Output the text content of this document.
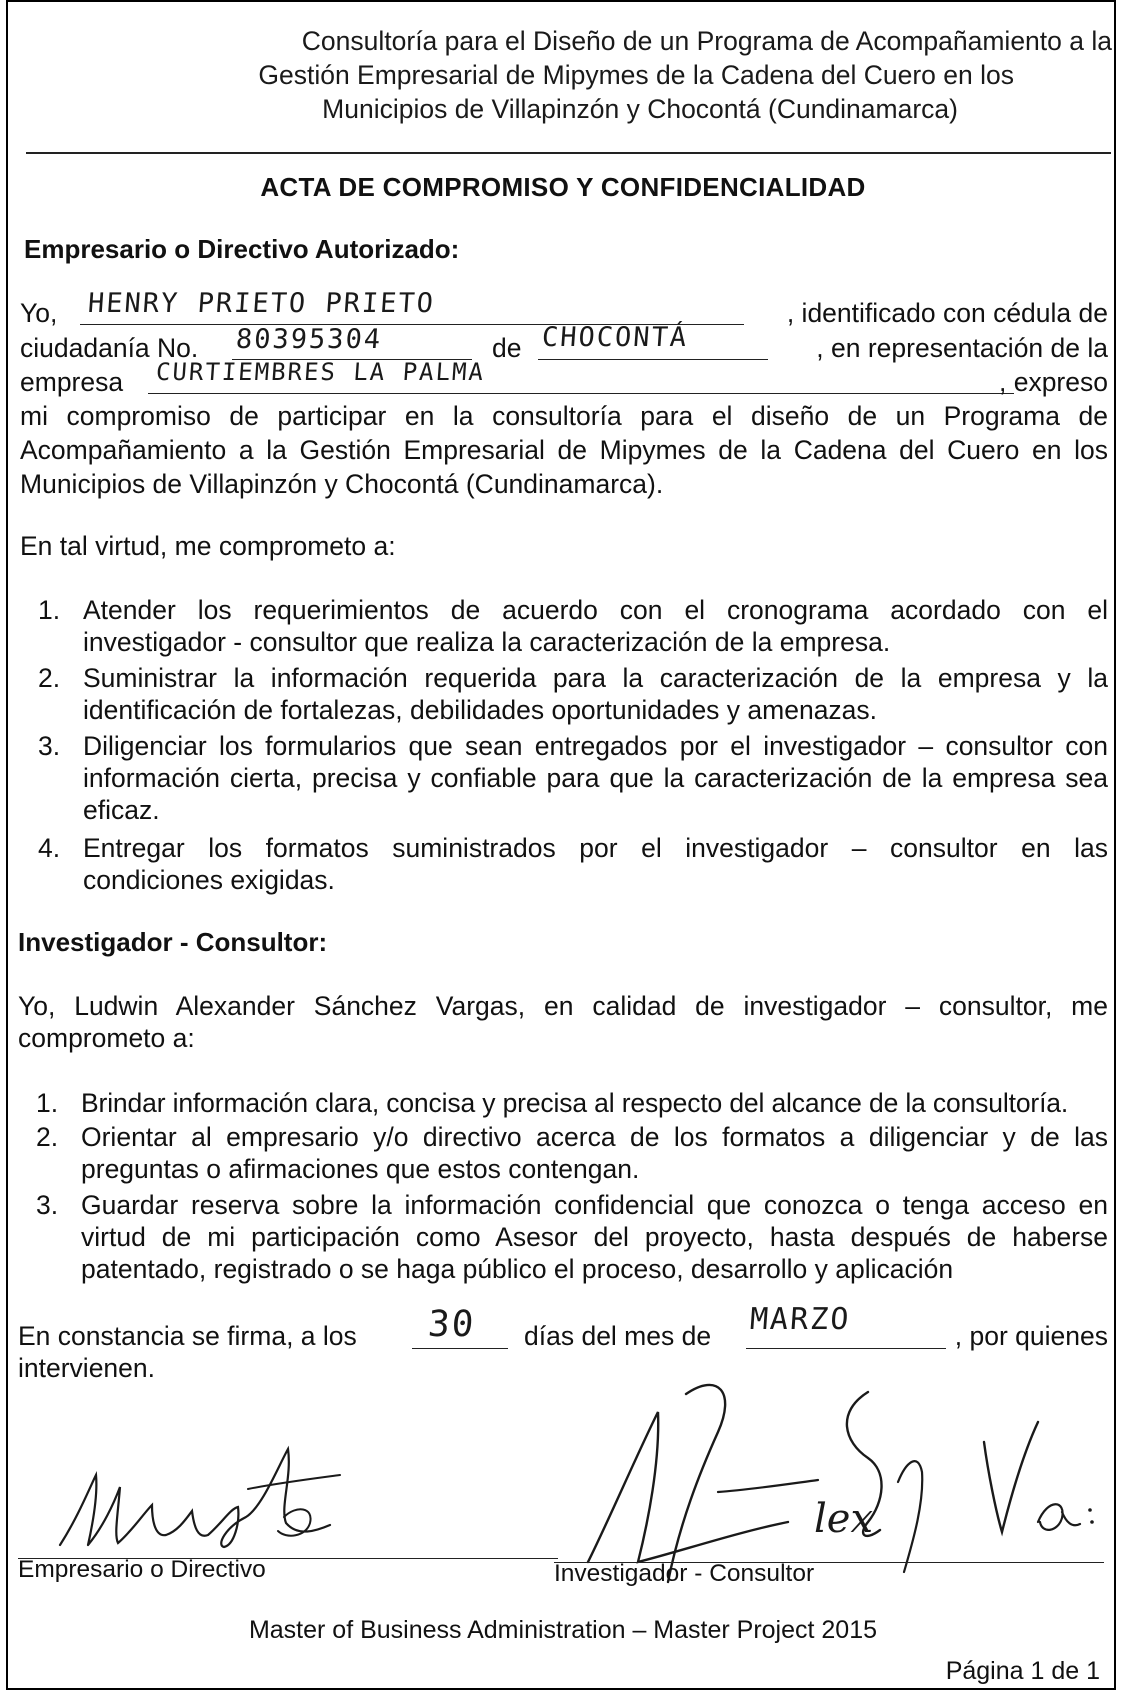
Consultoría para el Diseño de un Programa de Acompañamiento a la
Gestión Empresarial de Mipymes de la Cadena del Cuero en los
Municipios de Villapinzón y Chocontá (Cundinamarca)
ACTA DE COMPROMISO Y CONFIDENCIALIDAD
Empresario o Directivo Autorizado:
Yo, HENRY PRIETO PRIETO	, identificado con cédula de
ciudadanía No. 80395304	de CHOCONTÁ	, en representación de la
empresa CURTIEMBRES LA PALMA	, expreso
mi compromiso de participar en la consultoría para el diseño de un Programa de
Acompañamiento a la Gestión Empresarial de Mipymes de la Cadena del Cuero en los
Municipios de Villapinzón y Chocontá (Cundinamarca).
En tal virtud, me comprometo a:
1. Atender los requerimientos de acuerdo con el cronograma acordado con el
investigador - consultor que realiza la caracterización de la empresa.
2. Suministrar la información requerida para la caracterización de la empresa y la
identificación de fortalezas, debilidades oportunidades y amenazas.
3. Diligenciar los formularios que sean entregados por el investigador – consultor con
información cierta, precisa y confiable para que la caracterización de la empresa sea
eficaz.
4. Entregar los formatos suministrados por el investigador – consultor en las
condiciones exigidas.
Investigador - Consultor:
Yo, Ludwin Alexander Sánchez Vargas, en calidad de investigador – consultor, me
comprometo a:
1. Brindar información clara, concisa y precisa al respecto del alcance de la consultoría.
2. Orientar al empresario y/o directivo acerca de los formatos a diligenciar y de las
preguntas o afirmaciones que estos contengan.
3. Guardar reserva sobre la información confidencial que conozca o tenga acceso en
virtud de mi participación como Asesor del proyecto, hasta después de haberse
patentado, registrado o se haga público el proceso, desarrollo y aplicación
En constancia se firma, a los 30 días del mes de MARZO	, por quienes
intervienen.
Empresario o Directivo
lex
Investigador - Consultor
Master of Business Administration – Master Project 2015
Página 1 de 1
